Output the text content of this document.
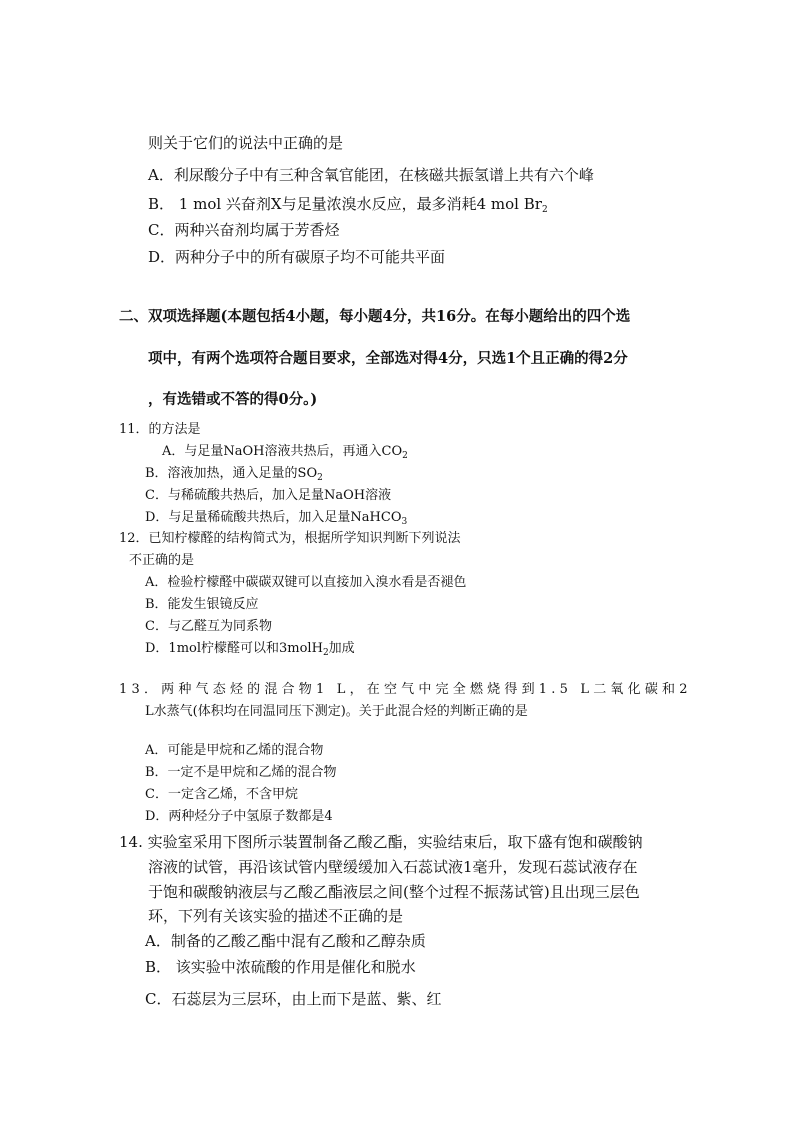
则关于它们的说法中正确的是
A．利尿酸分子中有三种含氧官能团，在核磁共振氢谱上共有六个峰
B． 1 mol 兴奋剂X与足量浓溴水反应，最多消耗4 mol $Br_2$
C．两种兴奋剂均属于芳香烃
D．两种分子中的所有碳原子均不可能共平面
二、双项选择题(本题包括4小题，每小题4分，共16分。在每小题给出的四个选
项中，有两个选项符合题目要求，全部选对得4分，只选1个且正确的得2分
，有选错或不答的得0分。)
11．的方法是
A．与足量NaOH溶液共热后，再通入$CO_2$
B．溶液加热，通入足量的$SO_2$
C．与稀硫酸共热后，加入足量NaOH溶液
D．与足量稀硫酸共热后，加入足量NaHCO$_3$
12．已知柠檬醛的结构简式为，根据所学知识判断下列说法
不正确的是
A．检验柠檬醛中碳碳双键可以直接加入溴水看是否褪色
B．能发生银镜反应
C．与乙醛互为同系物
D．1mol柠檬醛可以和3molH$_2$加成
13．两种气态烃的混合物1 L，在空气中完全燃烧得到1.5 L二氧化碳和2
L水蒸气(体积均在同温同压下测定)。关于此混合烃的判断正确的是
A．可能是甲烷和乙烯的混合物
B．一定不是甲烷和乙烯的混合物
C．一定含乙烯，不含甲烷
D．两种烃分子中氢原子数都是4
14. 实验室采用下图所示装置制备乙酸乙酯，实验结束后，取下盛有饱和碳酸钠
溶液的试管，再沿该试管内壁缓缓加入石蕊试液1毫升，发现石蕊试液存在
于饱和碳酸钠液层与乙酸乙酯液层之间(整个过程不振荡试管)且出现三层色
环，下列有关该实验的描述不正确的是
A．制备的乙酸乙酯中混有乙酸和乙醇杂质
B． 该实验中浓硫酸的作用是催化和脱水
C．石蕊层为三层环，由上而下是蓝、紫、红
